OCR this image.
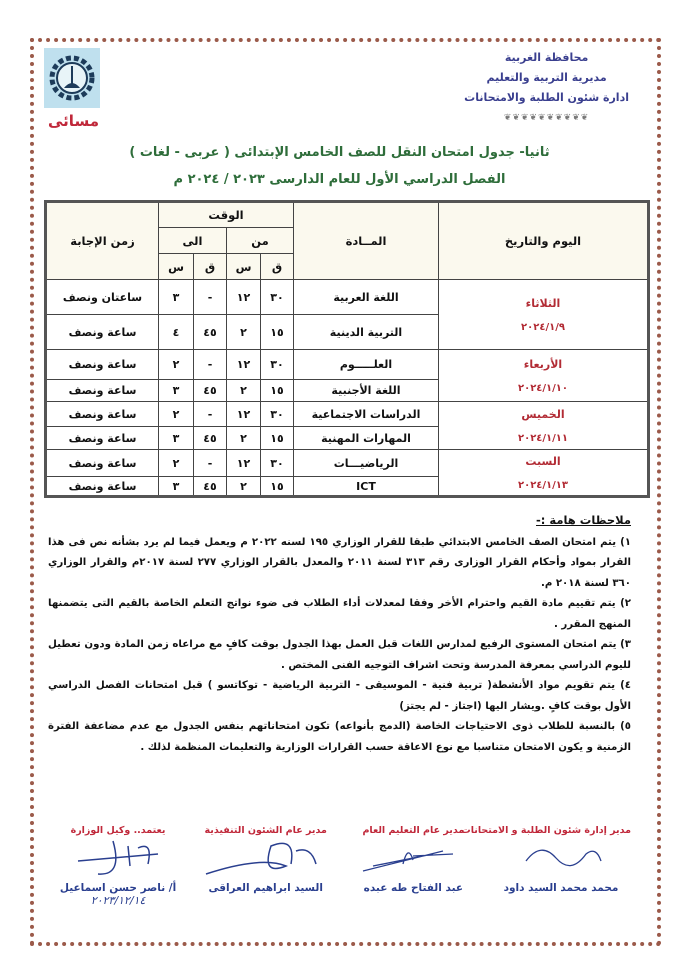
مسائى
محافظة الغربية
مديرية التربية والتعليم
ادارة شئون الطلبة والامتحانات
❦❦❦❦❦❦❦❦❦❦
ثانيا- جدول امتحان النقل للصف الخامس الإبتدائى ( عربى - لغات )
الفصل الدراسي الأول للعام الدارسى ٢٠٢٣ / ٢٠٢٤ م
اليوم والتاريخ	المــادة	الوقت				زمن الإجابة
		من		الى		
		ق	س	ق	س	

الثلاثاء
٢٠٢٤/١/٩	اللغة العربية	٣٠	١٢	-	٣	ساعتان ونصف
	التربية الدينية	١٥	٢	٤٥	٤	ساعة ونصف

الأربعاء
٢٠٢٤/١/١٠	العلـــــوم	٣٠	١٢	-	٢	ساعة ونصف
	اللغة الأجنبية	١٥	٢	٤٥	٣	ساعة ونصف

الخميس
٢٠٢٤/١/١١	الدراسات الاجتماعية	٣٠	١٢	-	٢	ساعة ونصف
	المهارات المهنية	١٥	٢	٤٥	٣	ساعة ونصف

السبت
٢٠٢٤/١/١٣	الرياضيـــات	٣٠	١٢	-	٢	ساعة ونصف
	ICT	١٥	٢	٤٥	٣	ساعة ونصف
ملاحظات هامة :-

١) يتم امتحان الصف الخامس الابتدائي طبقا للقرار الوزاري ١٩٥ لسنه ٢٠٢٢ م ويعمل فيما لم يرد بشأنه نص فى هذا القرار بمواد وأحكام القرار الوزارى رقم ٣١٣ لسنة ٢٠١١ والمعدل بالقرار الوزاري ٢٧٧ لسنة ٢٠١٧م والقرار الوزاري ٣٦٠ لسنة ٢٠١٨ م.

٢) يتم تقييم مادة القيم واحترام الأخر وفقا لمعدلات أداء الطلاب فى ضوء نواتج التعلم الخاصة بالقيم التى يتضمنها المنهج المقرر .

٣) يتم امتحان المستوى الرفيع لمدارس اللغات قبل العمل بهذا الجدول بوقت كافٍ مع مراعاه زمن المادة ودون تعطيل لليوم الدراسي بمعرفة المدرسة وتحت اشراف التوجيه الفنى المختص .

٤) يتم تقويم مواد الأنشطة( تربية فنية - الموسيقى - التربية الرياضية - توكاتسو ) قبل امتحانات الفصل الدراسي الأول بوقت كافٍ .ويشار اليها (اجتاز - لم يجتز)

٥) بالنسبة للطلاب ذوى الاحتياجات الخاصة (الدمج بأنواعه) تكون امتحاناتهم بنفس الجدول مع عدم مضاعفة الفترة الزمنية و يكون الامتحان متناسبا مع نوع الاعاقة حسب القرارات الوزارية والتعليمات المنظمة لذلك .

مدير إدارة شئون الطلبة و الامتحانات
محمد محمد السيد داود
مدير عام التعليم العام
عبد الفتاح طه عبده
مدير عام الشئون التنفيذية
السيد ابراهيم العراقى
يعتمد.. وكيل الوزارة
أ/ ناصر حسن اسماعيل
٢٠٢٣/١٢/١٤
